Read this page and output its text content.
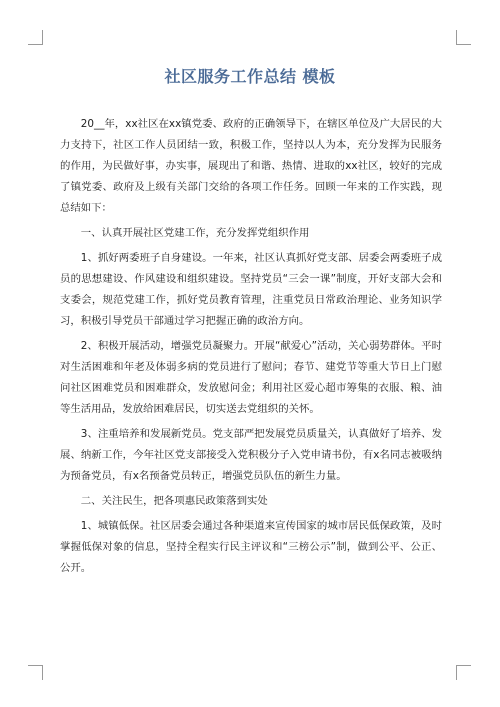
社区服务工作总结 模板

20__年，xx社区在xx镇党委、政府的正确领导下，在辖区单位及广大居民的大力支持下，社区工作人员团结一致，积极工作，坚持以人为本，充分发挥为民服务的作用，为民做好事，办实事，展现出了和谐、热情、进取的xx社区，较好的完成了镇党委、政府及上级有关部门交给的各项工作任务。回顾一年来的工作实践，现总结如下：

一、认真开展社区党建工作，充分发挥党组织作用

1、抓好两委班子自身建设。一年来，社区认真抓好党支部、居委会两委班子成员的思想建设、作风建设和组织建设。坚持党员“三会一课”制度，开好支部大会和支委会，规范党建工作，抓好党员教育管理，注重党员日常政治理论、业务知识学习，积极引导党员干部通过学习把握正确的政治方向。

2、积极开展活动，增强党员凝聚力。开展“献爱心”活动，关心弱势群体。平时对生活困难和年老及体弱多病的党员进行了慰问；春节、建党节等重大节日上门慰问社区困难党员和困难群众，发放慰问金；利用社区爱心超市筹集的衣服、粮、油等生活用品，发放给困难居民，切实送去党组织的关怀。

3、注重培养和发展新党员。党支部严把发展党员质量关，认真做好了培养、发展、纳新工作，今年社区党支部接受入党积极分子入党申请书份，有x名同志被吸纳为预备党员，有x名预备党员转正，增强党员队伍的新生力量。

二、关注民生，把各项惠民政策落到实处

1、城镇低保。社区居委会通过各种渠道来宣传国家的城市居民低保政策，及时掌握低保对象的信息，坚持全程实行民主评议和“三榜公示”制，做到公平、公正、公开。
